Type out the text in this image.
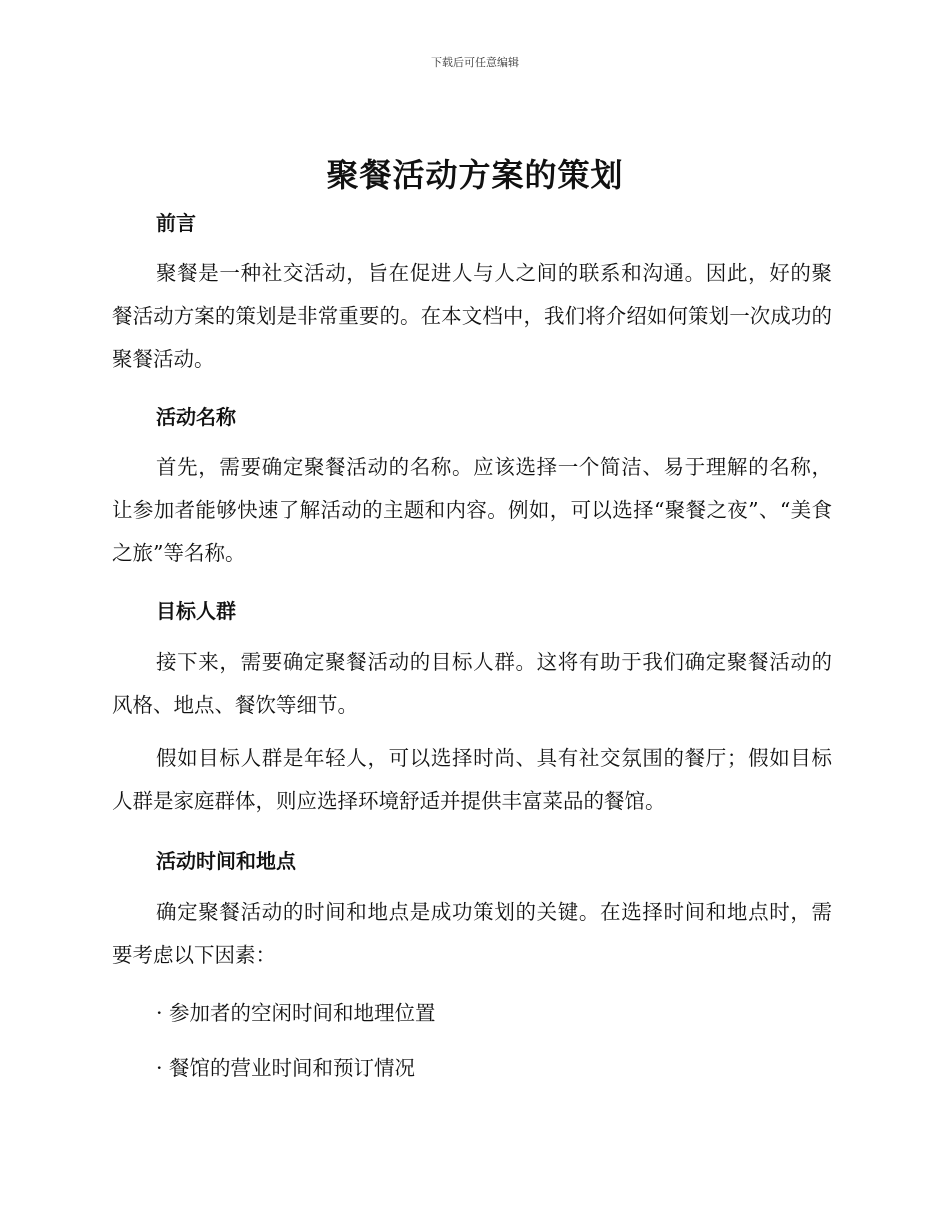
下载后可任意编辑
聚餐活动方案的策划
前言

聚餐是一种社交活动，旨在促进人与人之间的联系和沟通。因此，好的聚餐活动方案的策划是非常重要的。在本文档中，我们将介绍如何策划一次成功的聚餐活动。

活动名称

首先，需要确定聚餐活动的名称。应该选择一个简洁、易于理解的名称，让参加者能够快速了解活动的主题和内容。例如，可以选择“聚餐之夜”、“美食之旅”等名称。

目标人群

接下来，需要确定聚餐活动的目标人群。这将有助于我们确定聚餐活动的风格、地点、餐饮等细节。

假如目标人群是年轻人，可以选择时尚、具有社交氛围的餐厅；假如目标人群是家庭群体，则应选择环境舒适并提供丰富菜品的餐馆。

活动时间和地点

确定聚餐活动的时间和地点是成功策划的关键。在选择时间和地点时，需要考虑以下因素：

· 参加者的空闲时间和地理位置

· 餐馆的营业时间和预订情况
